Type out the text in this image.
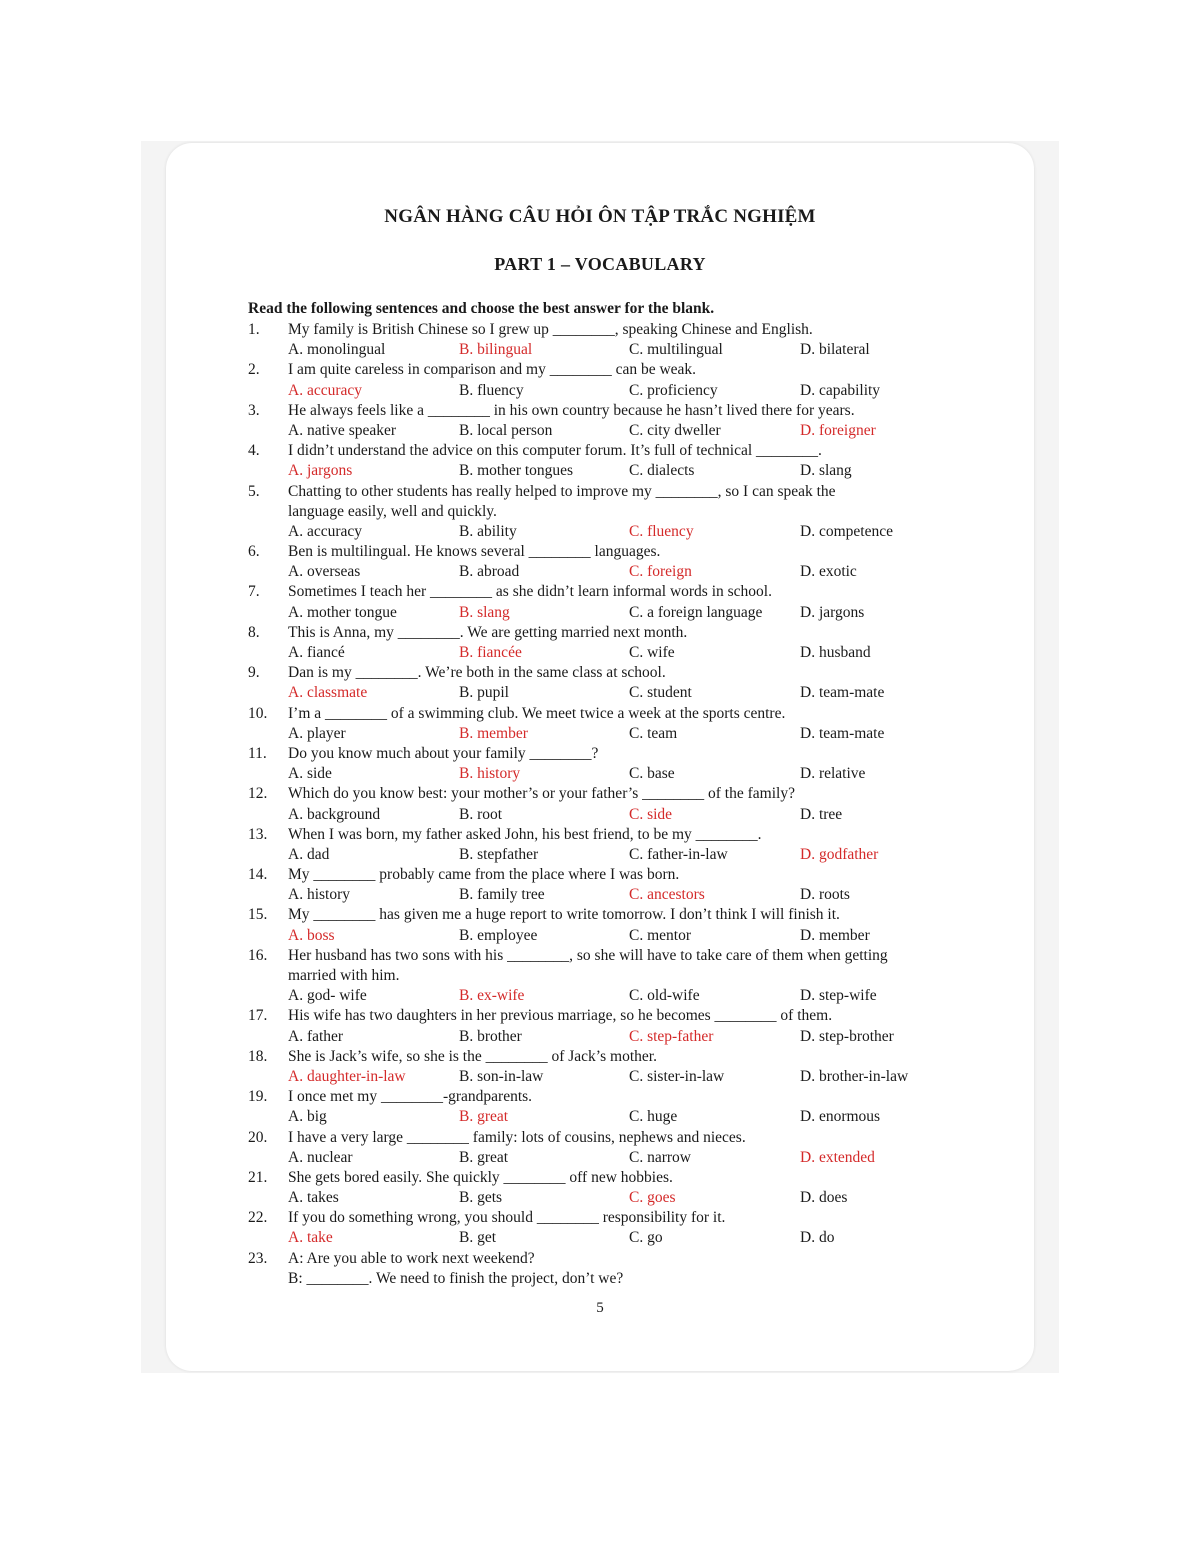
NGÂN HÀNG CÂU HỎI ÔN TẬP TRẮC NGHIỆM
PART 1 – VOCABULARY
Read the following sentences and choose the best answer for the blank.
1. My family is British Chinese so I grew up ________, speaking Chinese and English.
A. monolingual	B. bilingual	C. multilingual	D. bilateral
2. I am quite careless in comparison and my ________ can be weak.
A. accuracy	B. fluency	C. proficiency	D. capability
3. He always feels like a ________ in his own country because he hasn’t lived there for years.
A. native speaker	B. local person	C. city dweller	D. foreigner
4. I didn’t understand the advice on this computer forum. It’s full of technical ________.
A. jargons	B. mother tongues	C. dialects	D. slang
5. Chatting to other students has really helped to improve my ________, so I can speak the
language easily, well and quickly.
A. accuracy	B. ability	C. fluency	D. competence
6. Ben is multilingual. He knows several ________ languages.
A. overseas	B. abroad	C. foreign	D. exotic
7. Sometimes I teach her ________ as she didn’t learn informal words in school.
A. mother tongue	B. slang	C. a foreign language D. jargons
8. This is Anna, my ________. We are getting married next month.
A. fiancé	B. fiancée	C. wife	D. husband
9. Dan is my ________. We’re both in the same class at school.
A. classmate	B. pupil	C. student	D. team-mate
10. I’m a ________ of a swimming club. We meet twice a week at the sports centre.
A. player	B. member	C. team	D. team-mate
11. Do you know much about your family ________?
A. side	B. history	C. base	D. relative
12. Which do you know best: your mother’s or your father’s ________ of the family?
A. background	B. root	C. side	D. tree
13. When I was born, my father asked John, his best friend, to be my ________.
A. dad	B. stepfather	C. father-in-law	D. godfather
14. My ________ probably came from the place where I was born.
A. history	B. family tree	C. ancestors	D. roots
15. My ________ has given me a huge report to write tomorrow. I don’t think I will finish it.
A. boss	B. employee	C. mentor	D. member
16. Her husband has two sons with his ________, so she will have to take care of them when getting
married with him.
A. god- wife	B. ex-wife	C. old-wife	D. step-wife
17. His wife has two daughters in her previous marriage, so he becomes ________ of them.
A. father	B. brother	C. step-father	D. step-brother
18. She is Jack’s wife, so she is the ________ of Jack’s mother.
A. daughter-in-law	B. son-in-law	C. sister-in-law	D. brother-in-law
19. I once met my ________-grandparents.
A. big	B. great	C. huge	D. enormous
20. I have a very large ________ family: lots of cousins, nephews and nieces.
A. nuclear	B. great	C. narrow	D. extended
21. She gets bored easily. She quickly ________ off new hobbies.
A. takes	B. gets	C. goes	D. does
22. If you do something wrong, you should ________ responsibility for it.
A. take	B. get	C. go	D. do
23. A: Are you able to work next weekend?
B: ________. We need to finish the project, don’t we?
5
